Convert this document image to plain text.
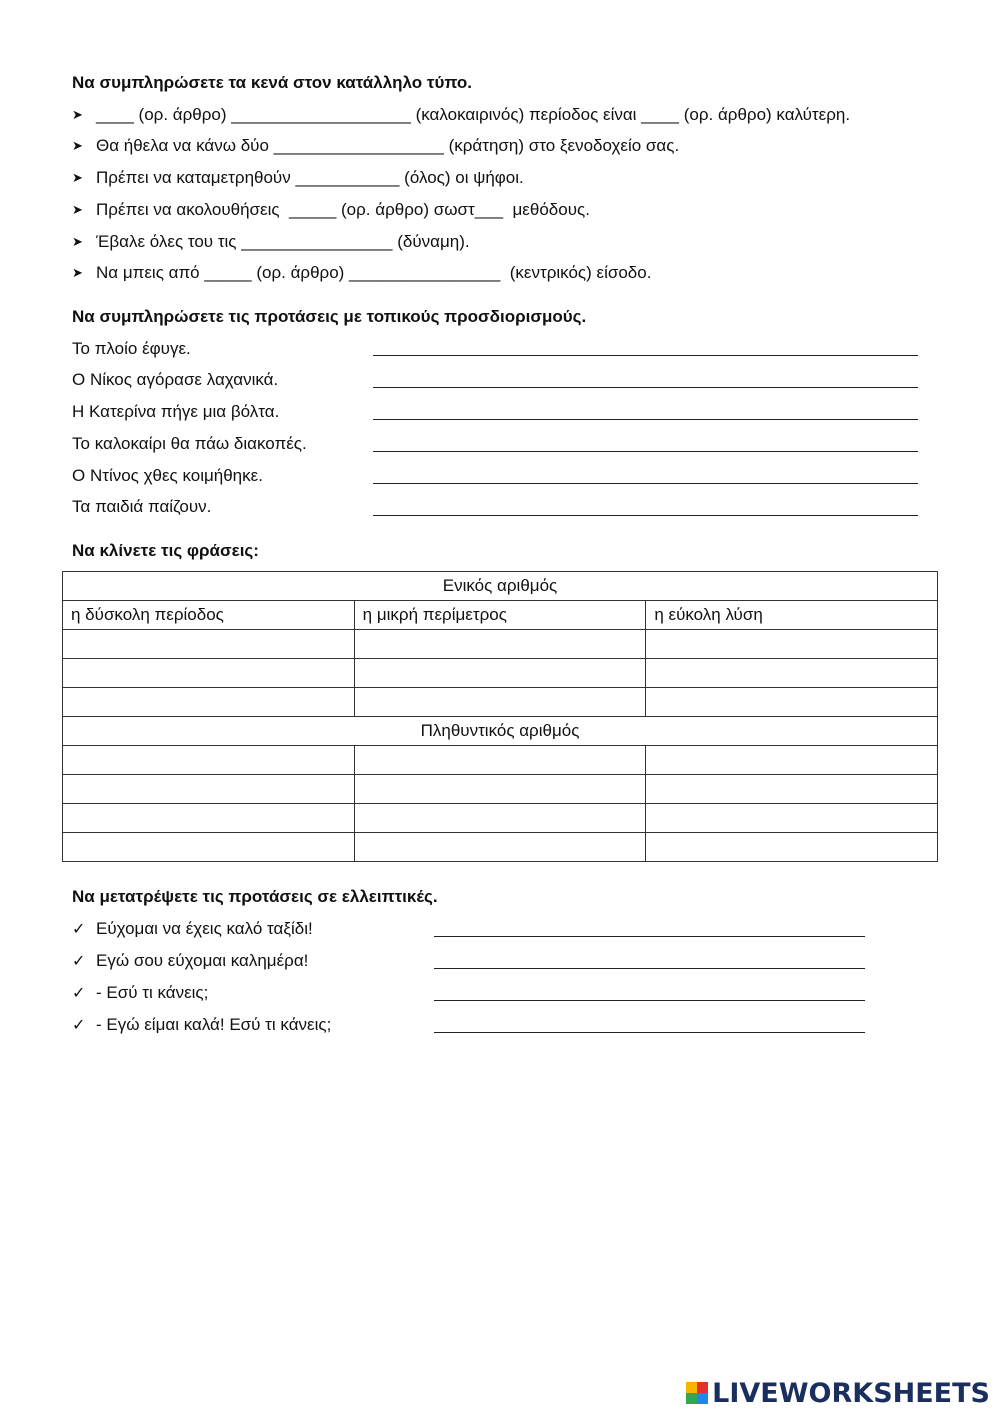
Να συμπληρώσετε τα κενά στον κατάλληλο τύπο.
➤ ____ (ορ. άρθρο) ___________________ (καλοκαιρινός) περίοδος είναι ____ (ορ. άρθρο) καλύτερη.
➤ Θα ήθελα να κάνω δύο __________________ (κράτηση) στο ξενοδοχείο σας.
➤ Πρέπει να καταμετρηθούν ___________ (όλος) οι ψήφοι.
➤ Πρέπει να ακολουθήσεις  _____ (ορ. άρθρο) σωστ___  μεθόδους.
➤ Έβαλε όλες του τις ________________ (δύναμη).
➤ Να μπεις από _____ (ορ. άρθρο) ________________  (κεντρικός) είσοδο.
Να συμπληρώσετε τις προτάσεις με τοπικούς προσδιορισμούς.
Το πλοίο έφυγε.
Ο Νίκος αγόρασε λαχανικά.
Η Κατερίνα πήγε μια βόλτα.
Το καλοκαίρι θα πάω διακοπές.
Ο Ντίνος χθες κοιμήθηκε.
Τα παιδιά παίζουν.
Να κλίνετε τις φράσεις:
Ενικός αριθμός		
η δύσκολη περίοδος	η μικρή περίμετρος	η εύκολη λύση

Πληθυντικός αριθμός		

Να μετατρέψετε τις προτάσεις σε ελλειπτικές.
✓ Εύχομαι να έχεις καλό ταξίδι!
✓ Εγώ σου εύχομαι καλημέρα!
✓ - Εσύ τι κάνεις;
✓ - Εγώ είμαι καλά! Εσύ τι κάνεις;
LIVEWORKSHEETS
